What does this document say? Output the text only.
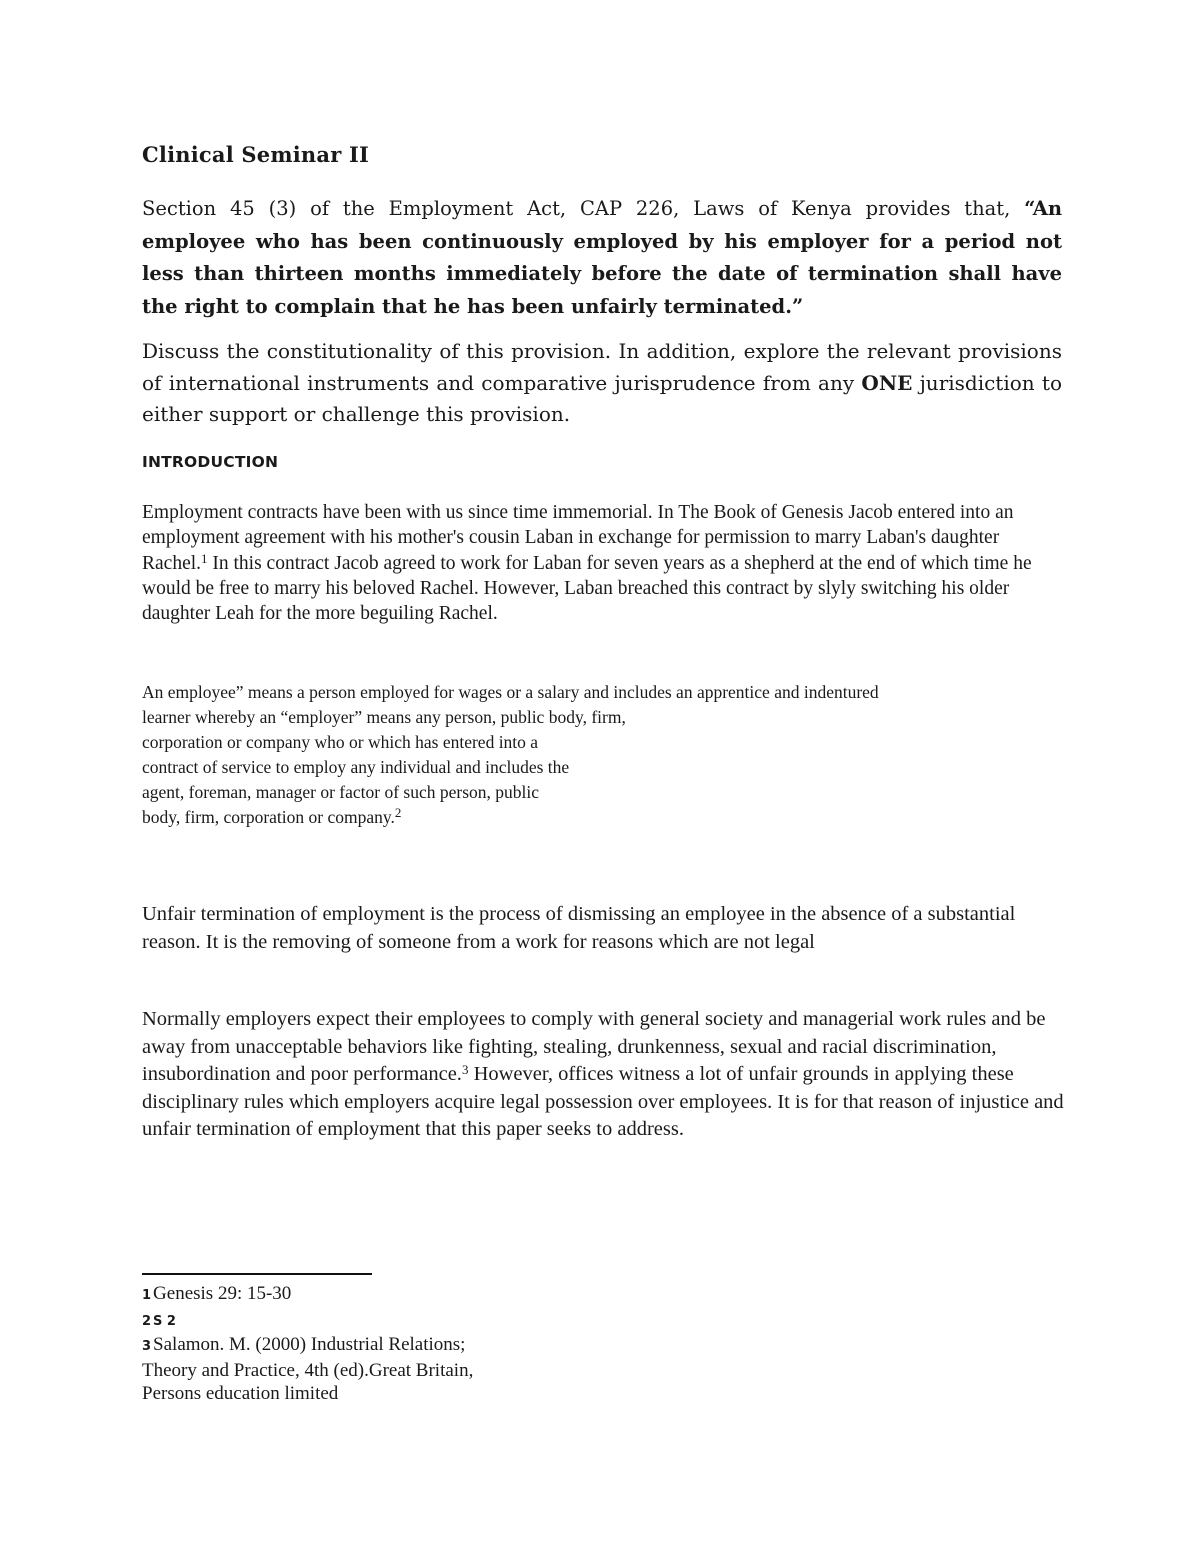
Clinical Seminar II

Section 45 (3) of the Employment Act, CAP 226, Laws of Kenya provides that, “An employee who has been continuously employed by his employer for a period not less than thirteen months immediately before the date of termination shall have the right to complain that he has been unfairly terminated.”

Discuss the constitutionality of this provision. In addition, explore the relevant provisions of international instruments and comparative jurisprudence from any ONE jurisdiction to either support or challenge this provision.

INTRODUCTION

Employment contracts have been with us since time immemorial. In The Book of Genesis Jacob entered into an employment agreement with his mother's cousin Laban in exchange for permission to marry Laban's daughter Rachel.$^1$ In this contract Jacob agreed to work for Laban for seven years as a shepherd at the end of which time he would be free to marry his beloved Rachel. However, Laban breached this contract by slyly switching his older daughter Leah for the more beguiling Rachel.

An employee” means a person employed for wages or a salary and includes an apprentice and indentured
learner whereby an “employer” means any person, public body, firm,
corporation or company who or which has entered into a
contract of service to employ any individual and includes the
agent, foreman, manager or factor of such person, public
body, firm, corporation or company.$^2$

Unfair termination of employment is the process of dismissing an employee in the absence of a substantial reason. It is the removing of someone from a work for reasons which are not legal

Normally employers expect their employees to comply with general society and managerial work rules and be away from unacceptable behaviors like fighting, stealing, drunkenness, sexual and racial discrimination, insubordination and poor performance.$^3$ However, offices witness a lot of unfair grounds in applying these disciplinary rules which employers acquire legal possession over employees. It is for that reason of injustice and unfair termination of employment that this paper seeks to address.

1 Genesis 29: 15-30
2 S 2
3 Salamon. M. (2000) Industrial Relations;
Theory and Practice, 4th (ed).Great Britain,
Persons education limited
